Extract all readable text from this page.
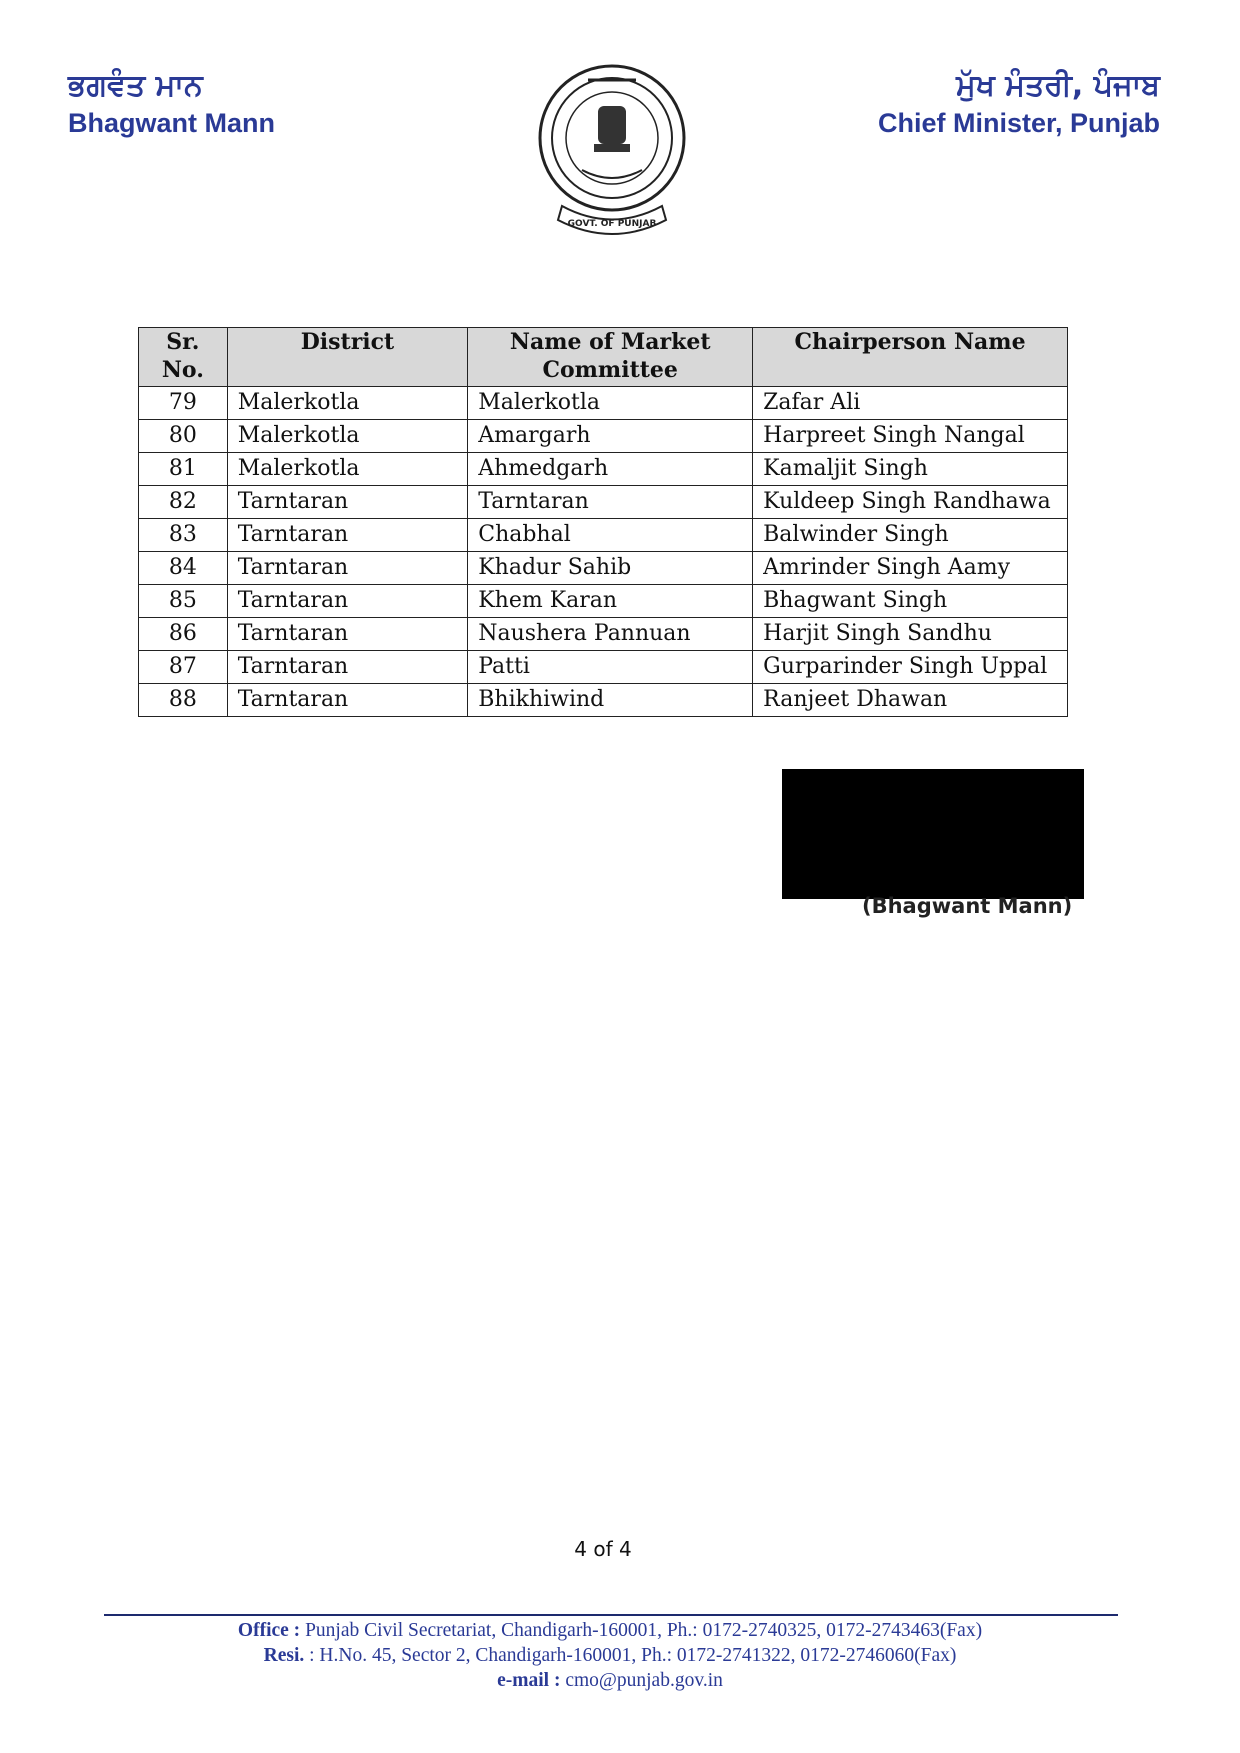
ਭਗਵੰਤ ਮਾਨ
Bhagwant Mann
GOVT. OF PUNJAB
ਮੁੱਖ ਮੰਤਰੀ, ਪੰਜਾਬ
Chief Minister, Punjab
Sr. No.	District	Name of Market Committee	Chairperson Name
79	Malerkotla	Malerkotla	Zafar Ali
80	Malerkotla	Amargarh	Harpreet Singh Nangal
81	Malerkotla	Ahmedgarh	Kamaljit Singh
82	Tarntaran	Tarntaran	Kuldeep Singh Randhawa
83	Tarntaran	Chabhal	Balwinder Singh
84	Tarntaran	Khadur Sahib	Amrinder Singh Aamy
85	Tarntaran	Khem Karan	Bhagwant Singh
86	Tarntaran	Naushera Pannuan	Harjit Singh Sandhu
87	Tarntaran	Patti	Gurparinder Singh Uppal
88	Tarntaran	Bhikhiwind	Ranjeet Dhawan
(Bhagwant Mann)
4 of 4
Office : Punjab Civil Secretariat, Chandigarh-160001, Ph.: 0172-2740325, 0172-2743463(Fax)
Resi. : H.No. 45, Sector 2, Chandigarh-160001, Ph.: 0172-2741322, 0172-2746060(Fax)
e-mail : cmo@punjab.gov.in
